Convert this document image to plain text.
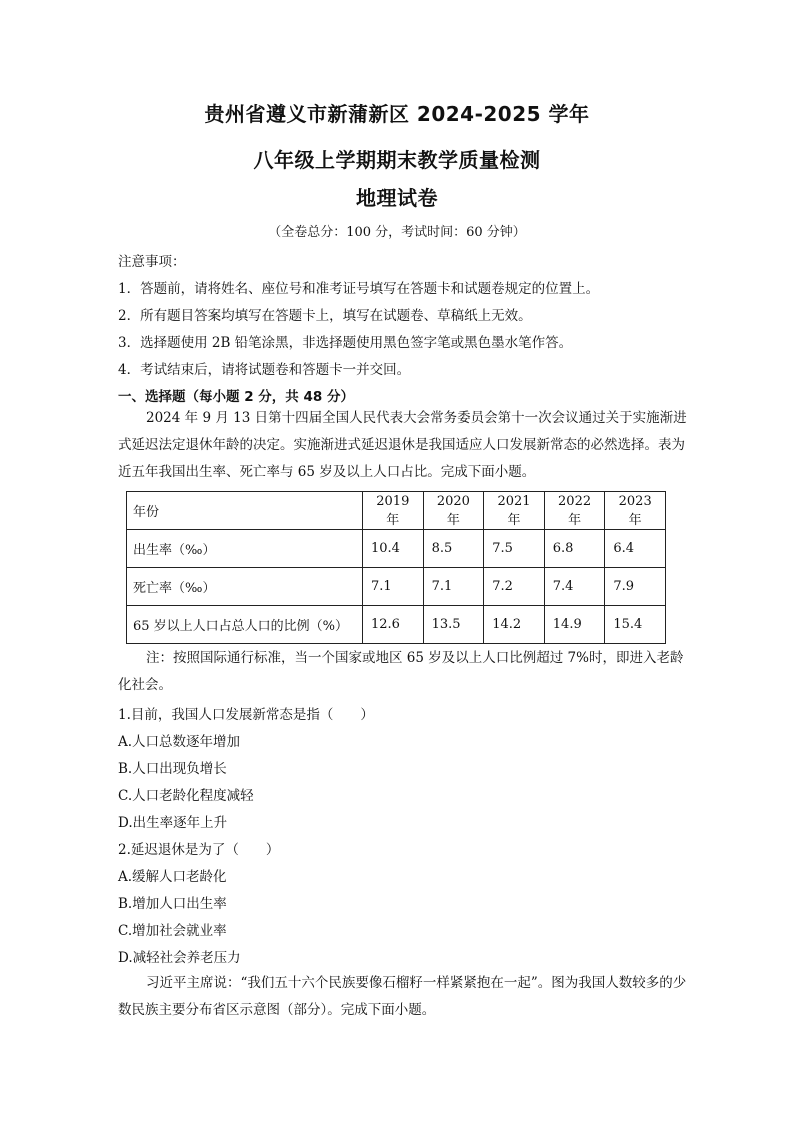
贵州省遵义市新蒲新区 2024-2025 学年
八年级上学期期末教学质量检测
地理试卷
（全卷总分：100 分，考试时间：60 分钟）
注意事项：
1．答题前，请将姓名、座位号和准考证号填写在答题卡和试题卷规定的位置上。
2．所有题目答案均填写在答题卡上，填写在试题卷、草稿纸上无效。
3．选择题使用 2B 铅笔涂黑，非选择题使用黑色签字笔或黑色墨水笔作答。
4．考试结束后，请将试题卷和答题卡一并交回。
一、选择题（每小题 2 分，共 48 分）
2024 年 9 月 13 日第十四届全国人民代表大会常务委员会第十一次会议通过关于实施渐进式延迟法定退休年龄的决定。实施渐进式延迟退休是我国适应人口发展新常态的必然选择。表为近五年我国出生率、死亡率与 65 岁及以上人口占比。完成下面小题。
年份	2019 年	2020 年	2021 年	2022 年	2023 年
出生率（‰）	10.4	8.5	7.5	6.8	6.4
死亡率（‰）	7.1	7.1	7.2	7.4	7.9
65 岁以上人口占总人口的比例（%）	12.6	13.5	14.2	14.9	15.4
注：按照国际通行标准，当一个国家或地区 65 岁及以上人口比例超过 7%时，即进入老龄化社会。
1.目前，我国人口发展新常态是指（　　）
A.人口总数逐年增加
B.人口出现负增长
C.人口老龄化程度减轻
D.出生率逐年上升
2.延迟退休是为了（　　）
A.缓解人口老龄化
B.增加人口出生率
C.增加社会就业率
D.减轻社会养老压力
习近平主席说：“我们五十六个民族要像石榴籽一样紧紧抱在一起”。图为我国人数较多的少数民族主要分布省区示意图（部分）。完成下面小题。
